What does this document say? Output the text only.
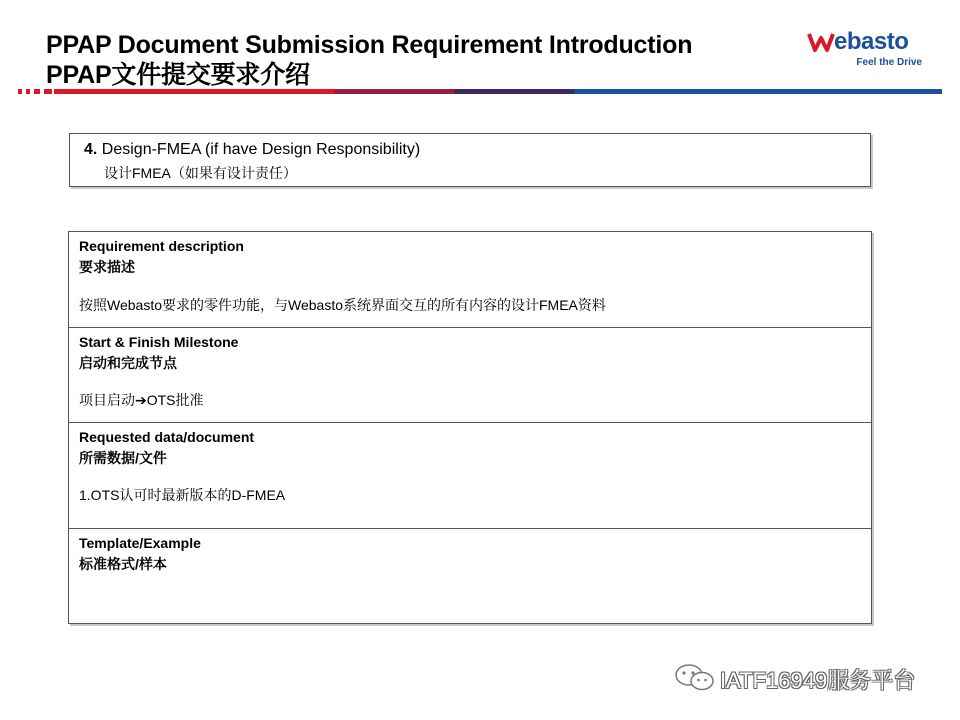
PPAP Document Submission Requirement Introduction
PPAP文件提交要求介绍
ebasto
Feel the Drive
4. Design-FMEA (if have Design Responsibility)
设计FMEA（如果有设计责任）
Requirement description
要求描述
按照Webasto要求的零件功能，与Webasto系统界面交互的所有内容的设计FMEA资料
Start & Finish Milestone
启动和完成节点
项目启动➔OTS批准
Requested data/document
所需数据/文件
1.OTS认可时最新版本的D-FMEA
Template/Example
标准格式/样本
IATF16949服务平台
